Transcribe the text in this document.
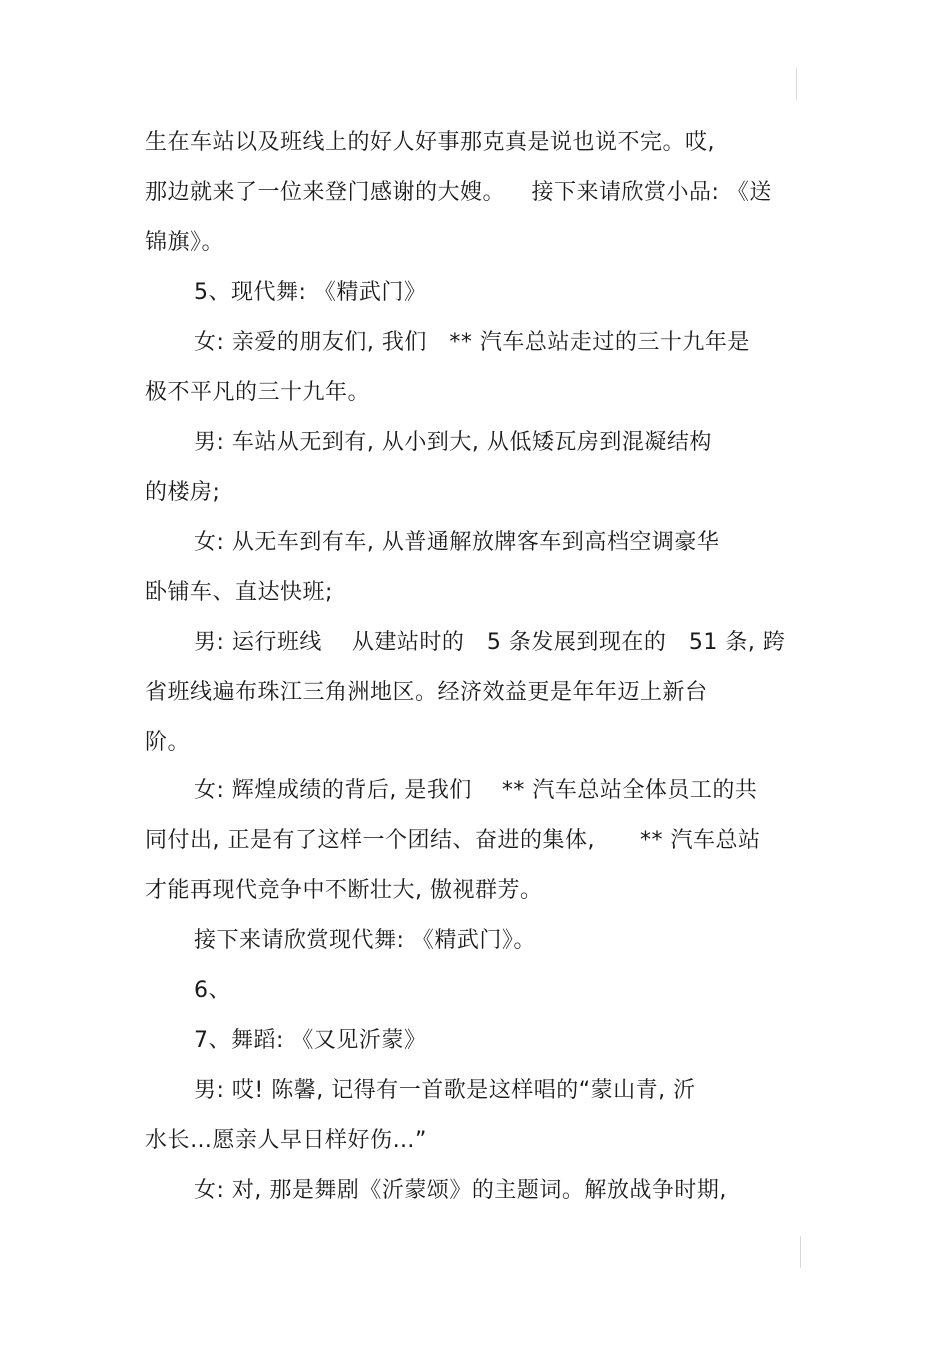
生在车站以及班线上的好人好事那克真是说也说不完。哎,
那边就来了一位来登门感谢的大嫂。　  接下来请欣赏小品: 《送
锦旗》。
5、现代舞: 《精武门》
女: 亲爱的朋友们, 我们　** 汽车总站走过的三十九年是
极不平凡的三十九年。
男: 车站从无到有, 从小到大, 从低矮瓦房到混凝结构
的楼房;
女: 从无车到有车, 从普通解放牌客车到高档空调豪华
卧铺车、直达快班;
男: 运行班线　 从建站时的　5 条发展到现在的　51 条, 跨
省班线遍布珠江三角洲地区。经济效益更是年年迈上新台
阶。
女: 辉煌成绩的背后, 是我们　 ** 汽车总站全体员工的共
同付出, 正是有了这样一个团结、奋进的集体,　　** 汽车总站
才能再现代竞争中不断壮大, 傲视群芳。
接下来请欣赏现代舞: 《精武门》。
6、
7、舞蹈: 《又见沂蒙》
男: 哎! 陈馨, 记得有一首歌是这样唱的“蒙山青, 沂
水长…愿亲人早日样好伤…”
女: 对, 那是舞剧《沂蒙颂》的主题词。解放战争时期,
